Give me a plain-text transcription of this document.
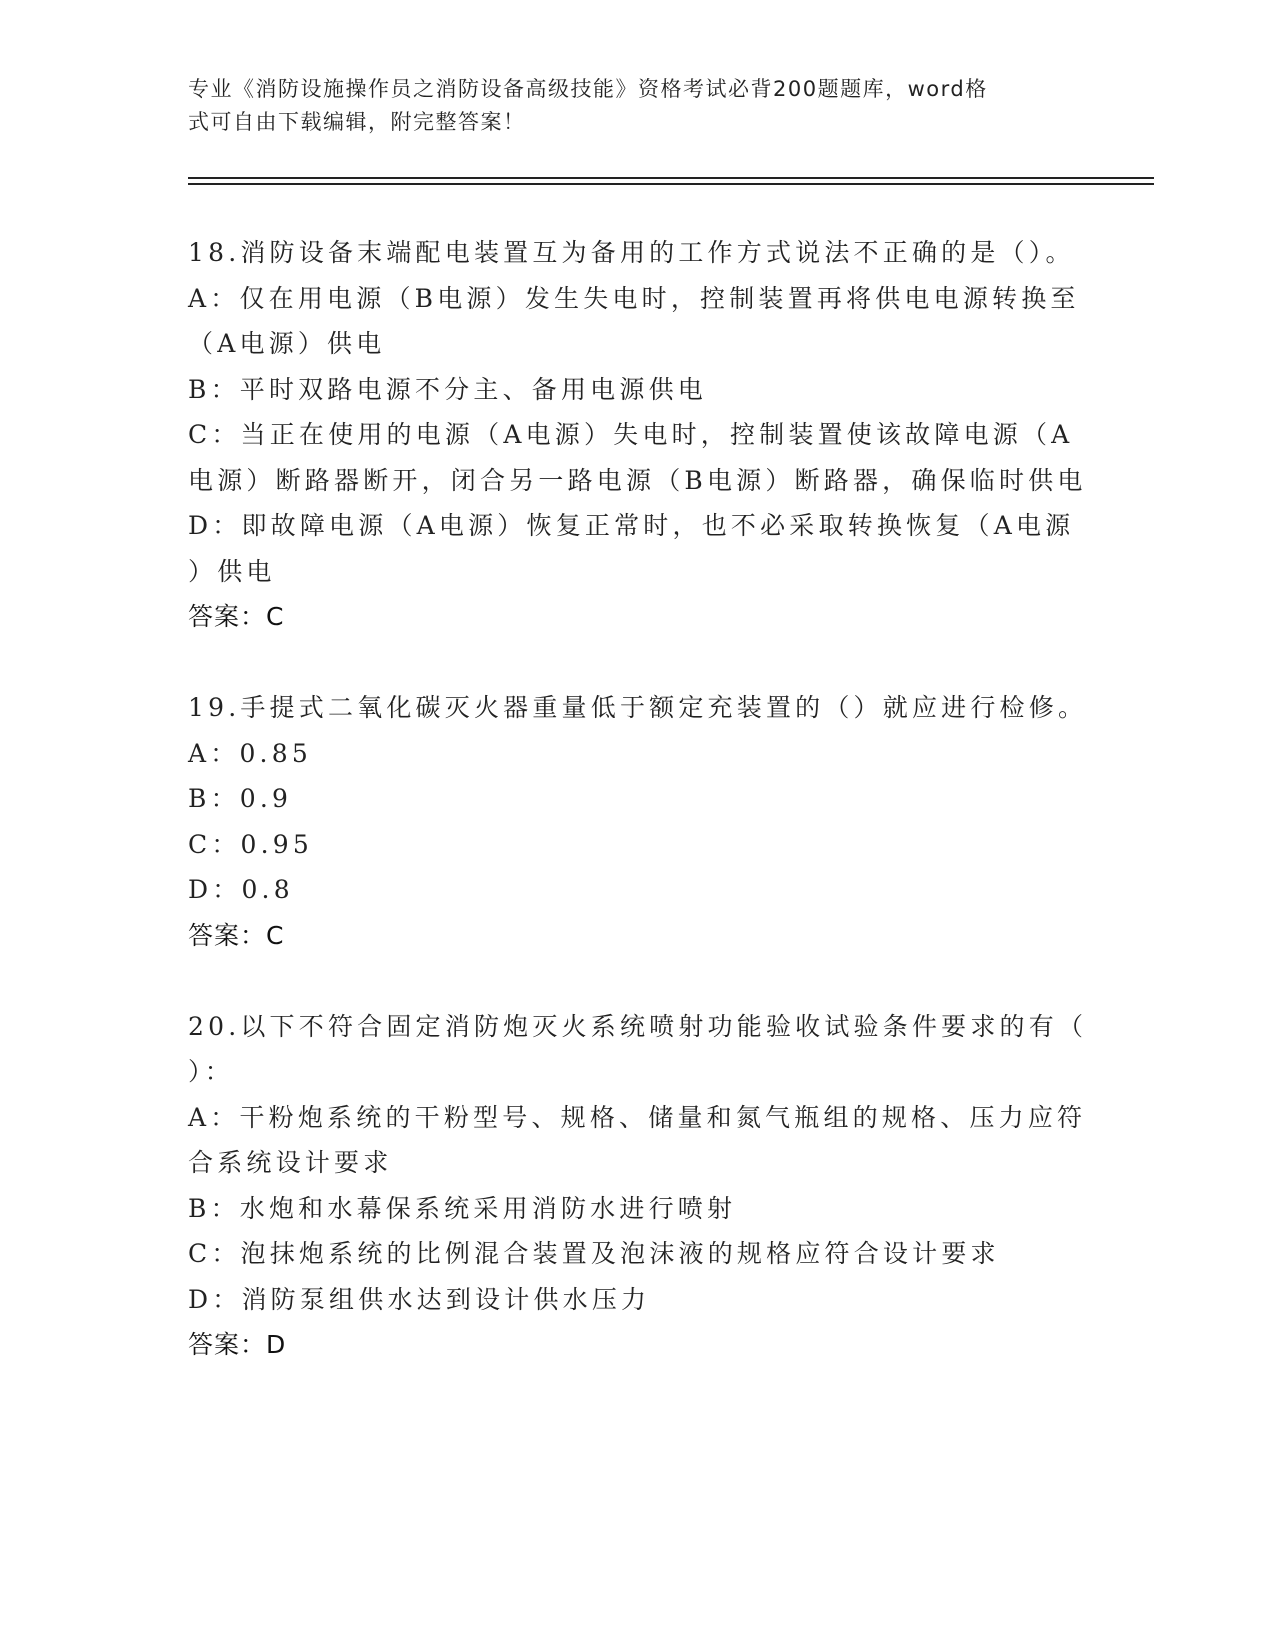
专业《消防设施操作员之消防设备高级技能》资格考试必背200题题库，word格
式可自由下载编辑，附完整答案！

18.消防设备末端配电装置互为备用的工作方式说法不正确的是（）。

A：仅在用电源（B电源）发生失电时，控制装置再将供电电源转换至

（A电源）供电

B：平时双路电源不分主、备用电源供电

C：当正在使用的电源（A电源）失电时，控制装置使该故障电源（A

电源）断路器断开，闭合另一路电源（B电源）断路器，确保临时供电

D：即故障电源（A电源）恢复正常时，也不必采取转换恢复（A电源

）供电

答案：C

19.手提式二氧化碳灭火器重量低于额定充装置的（）就应进行检修。

A：0.85

B：0.9

C：0.95

D：0.8

答案：C

20.以下不符合固定消防炮灭火系统喷射功能验收试验条件要求的有（

）：

A：干粉炮系统的干粉型号、规格、储量和氮气瓶组的规格、压力应符

合系统设计要求

B：水炮和水幕保系统采用消防水进行喷射

C：泡抹炮系统的比例混合装置及泡沫液的规格应符合设计要求

D：消防泵组供水达到设计供水压力

答案：D
